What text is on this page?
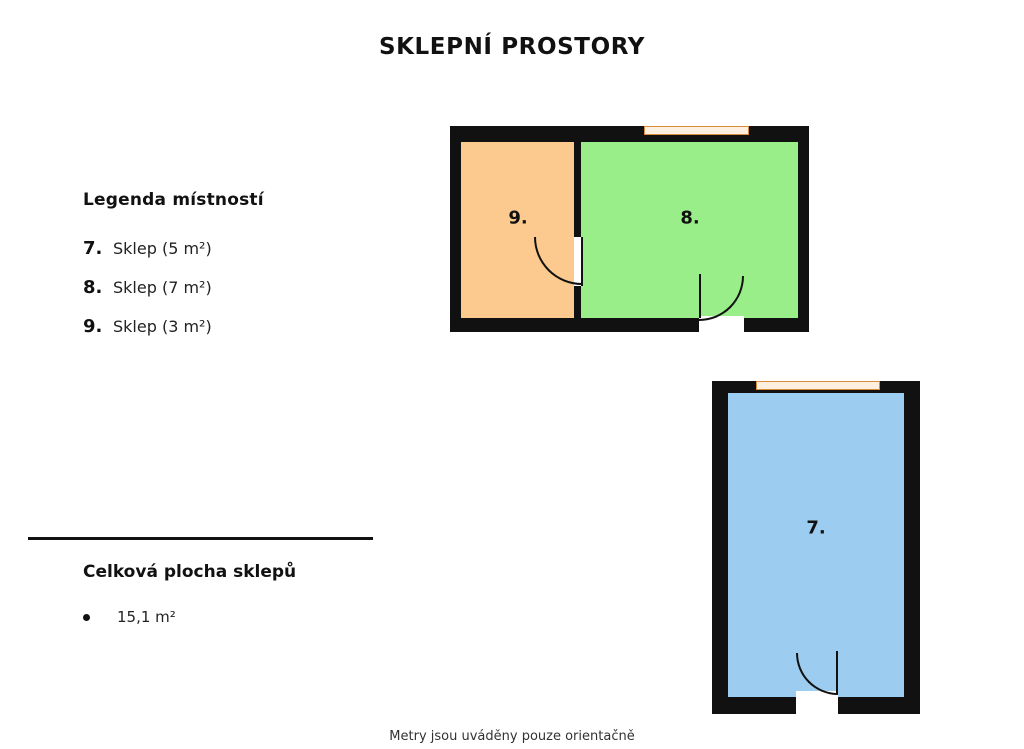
SKLEPNÍ PROSTORY
Legenda místností
7. Sklep (5 m²)
8. Sklep (7 m²)
9. Sklep (3 m²)
Celková plocha sklepů
15,1 m²
9.	8.
7.
Metry jsou uváděny pouze orientačně
